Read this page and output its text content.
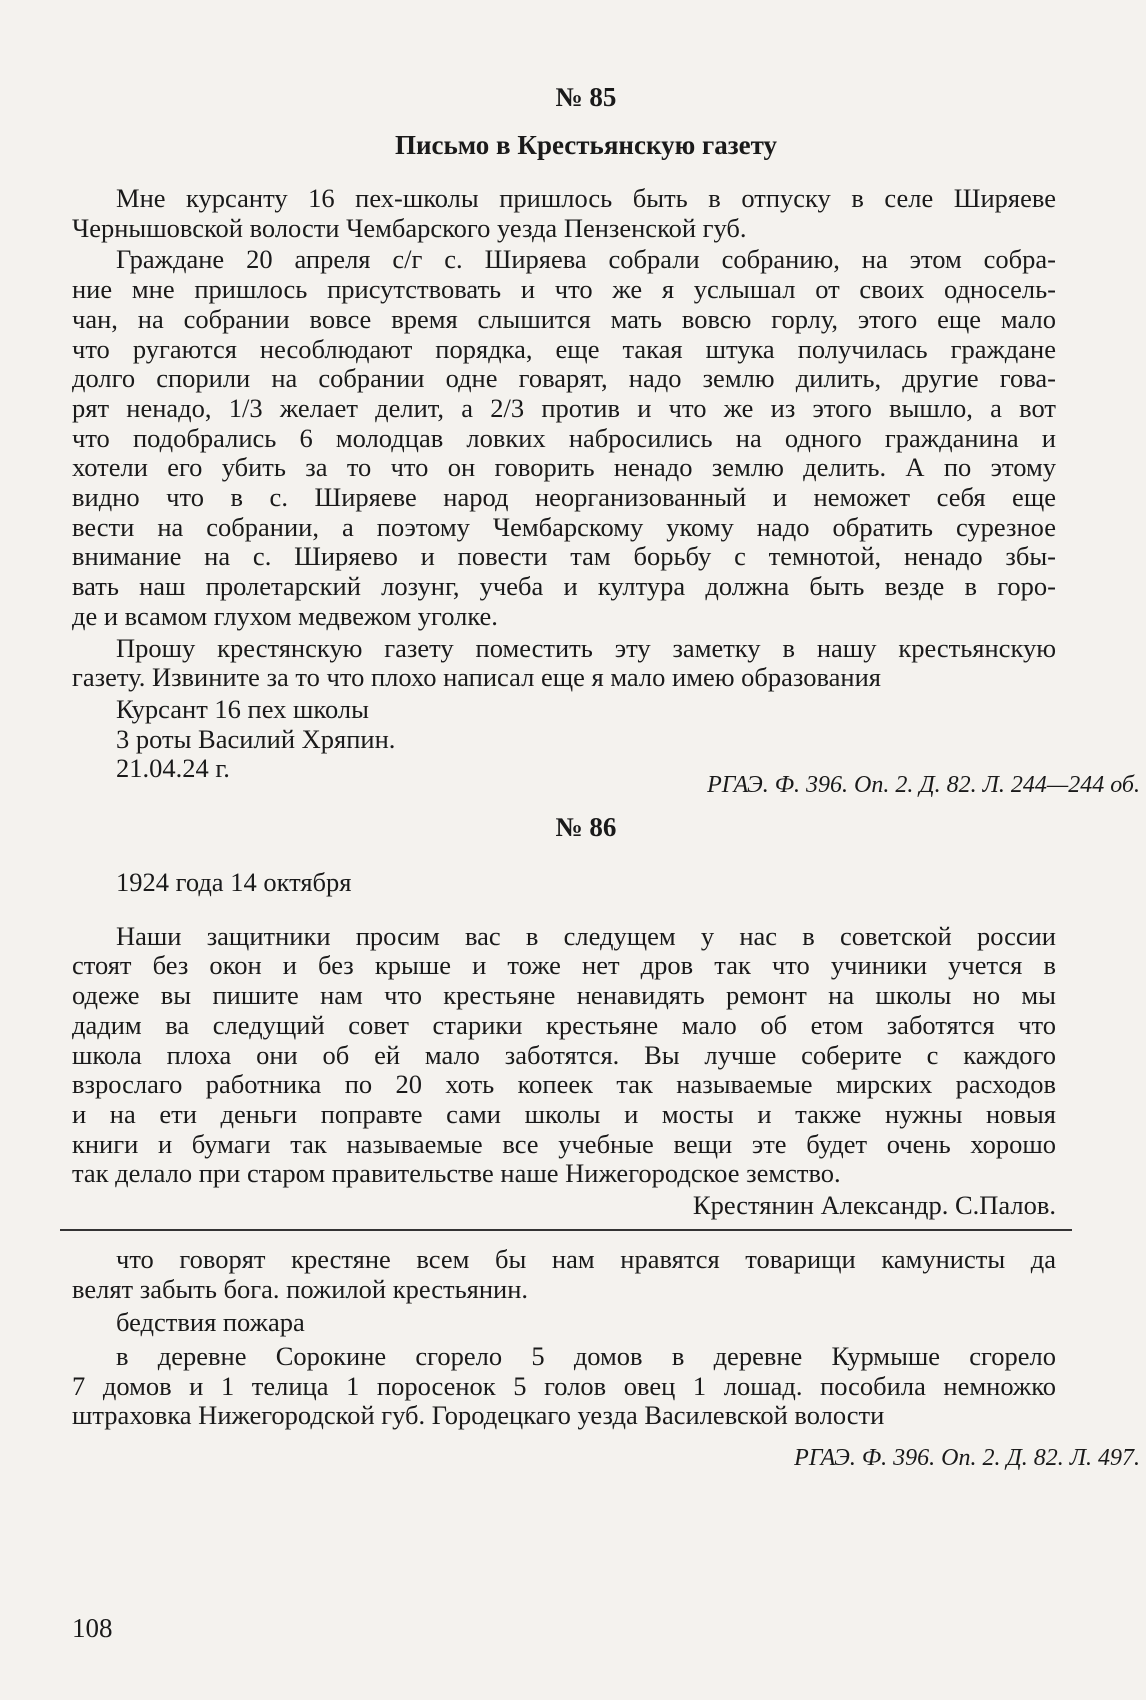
№ 85
Письмо в Крестьянскую газету
Мне курсанту 16 пех-школы пришлось быть в отпуску в селе Ширяеве
Чернышовской волости Чембарского уезда Пензенской губ.
Граждане 20 апреля с/г с. Ширяева собрали собранию, на этом собра-
ние мне пришлось присутствовать и что же я услышал от своих односель-
чан, на собрании вовсе время слышится мать вовсю горлу, этого еще мало
что ругаются несоблюдают порядка, еще такая штука получилась граждане
долго спорили на собрании одне говарят, надо землю дилить, другие гова-
рят ненадо, 1/3 желает делит, а 2/3 против и что же из этого вышло, а вот
что подобрались 6 молодцав ловких набросились на одного гражданина и
хотели его убить за то что он говорить ненадо землю делить. А по этому
видно что в с. Ширяеве народ неорганизованный и неможет себя еще
вести на собрании, а поэтому Чембарскому укому надо обратить сурезное
внимание на с. Ширяево и повести там борьбу с темнотой, ненадо збы-
вать наш пролетарский лозунг, учеба и култура должна быть везде в горо-
де и всамом глухом медвежом уголке.
Прошу крестянскую газету поместить эту заметку в нашу крестьянскую
газету. Извините за то что плохо написал еще я мало имею образования
Курсант 16 пех школы
3 роты Василий Хряпин.
21.04.24 г.
РГАЭ. Ф. 396. Оп. 2. Д. 82. Л. 244—244 об.
№ 86
1924 года 14 октября
Наши защитники просим вас в следущем у нас в советской россии
стоят без окон и без крыше и тоже нет дров так что учиники учется в
одеже вы пишите нам что крестьяне ненавидять ремонт на школы но мы
дадим ва следущий совет старики крестьяне мало об етом заботятся что
школа плоха они об ей мало заботятся. Вы лучше соберите с каждого
взрослаго работника по 20 хоть копеек так называемые мирских расходов
и на ети деньги поправте сами школы и мосты и также нужны новыя
книги и бумаги так называемые все учебные вещи эте будет очень хорошо
так делало при старом правительстве наше Нижегородское земство.
Крестянин Александр. С.Палов.
что говорят крестяне всем бы нам нравятся товарищи камунисты да
велят забыть бога. пожилой крестьянин.
бедствия пожара
в деревне Сорокине сгорело 5 домов в деревне Курмыше сгорело
7 домов и 1 телица 1 поросенок 5 голов овец 1 лошад. пособила немножко
штраховка Нижегородской губ. Городецкаго уезда Василевской волости
РГАЭ. Ф. 396. Оп. 2. Д. 82. Л. 497.
108
